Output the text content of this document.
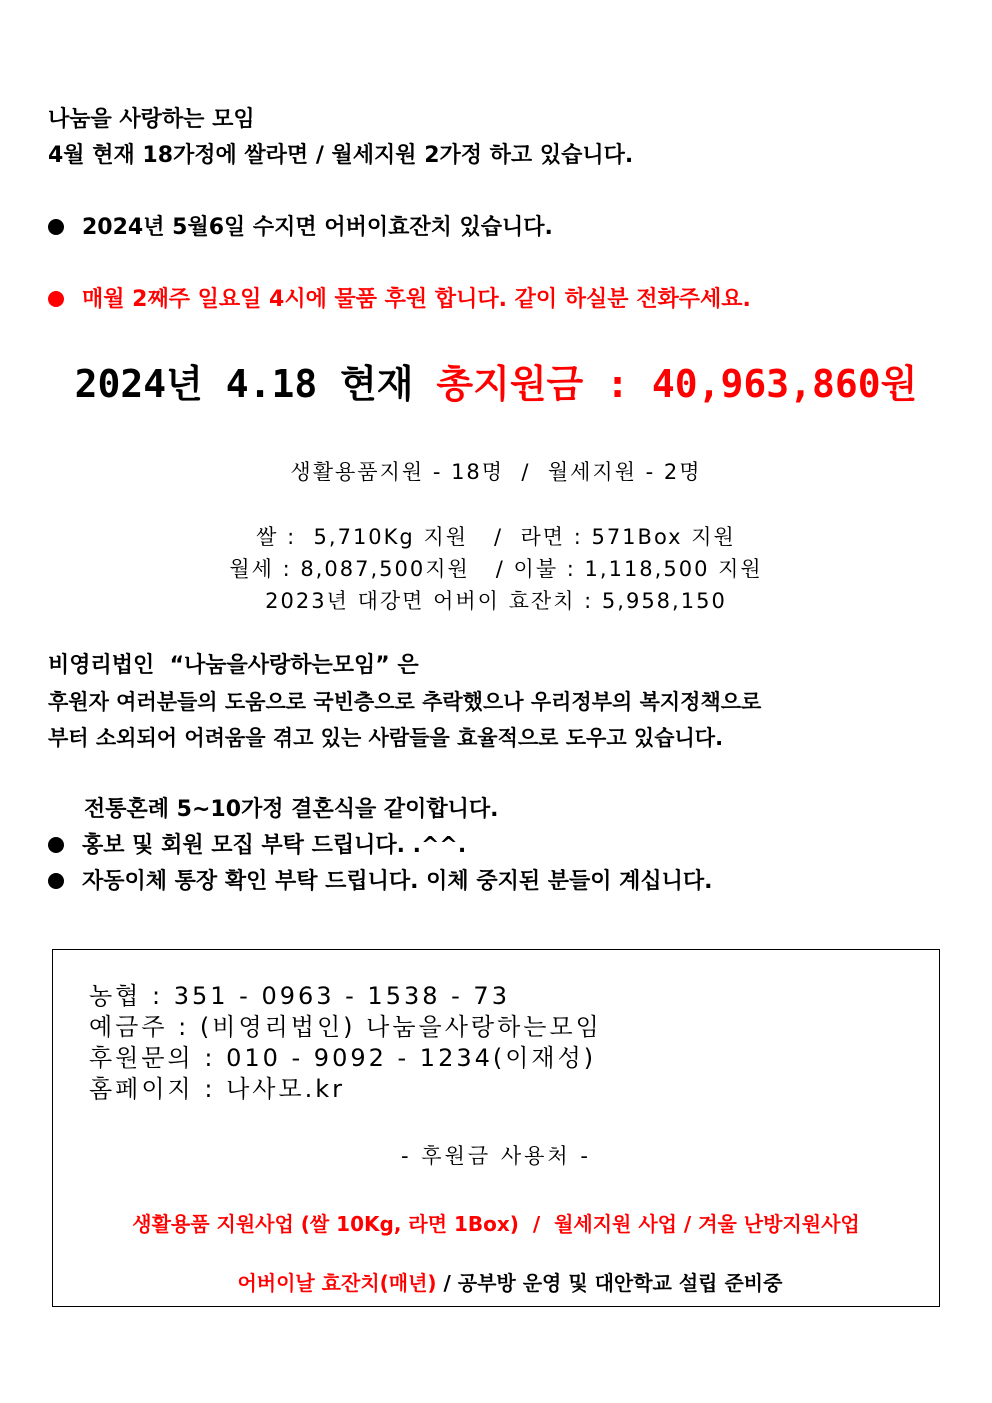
나눔을 사랑하는 모임
4월 현재 18가정에 쌀라면 / 월세지원 2가정 하고 있습니다.
2024년 5월6일 수지면 어버이효잔치 있습니다.
매월 2째주 일요일 4시에 물품 후원 합니다. 같이 하실분 전화주세요.
2024년 4.18 현재 총지원금 : 40,963,860원
생활용품지원 - 18명  /  월세지원 - 2명
쌀 :  5,710Kg 지원   /  라면 : 571Box 지원
월세 : 8,087,500지원   / 이불 : 1,118,500 지원
2023년 대강면 어버이 효잔치 : 5,958,150
비영리법인  “나눔을사랑하는모임” 은
후원자 여러분들의 도움으로 국빈층으로 추락했으나 우리정부의 복지정책으로
부터 소외되어 어려움을 겪고 있는 사람들을 효율적으로 도우고 있습니다.
전통혼례 5~10가정 결혼식을 같이합니다.
홍보 및 회원 모집 부탁 드립니다. .^^.
자동이체 통장 확인 부탁 드립니다. 이체 중지된 분들이 계십니다.
농협 : 351 - 0963 - 1538 - 73
예금주 : (비영리법인) 나눔을사랑하는모임
후원문의 : 010 - 9092 - 1234(이재성)
홈페이지 : 나사모.kr
- 후원금 사용처 -
생활용품 지원사업 (쌀 10Kg, 라면 1Box)  /  월세지원 사업 / 겨울 난방지원사업

어버이날 효잔치(매년) / 공부방 운영 및 대안학교 설립 준비중
